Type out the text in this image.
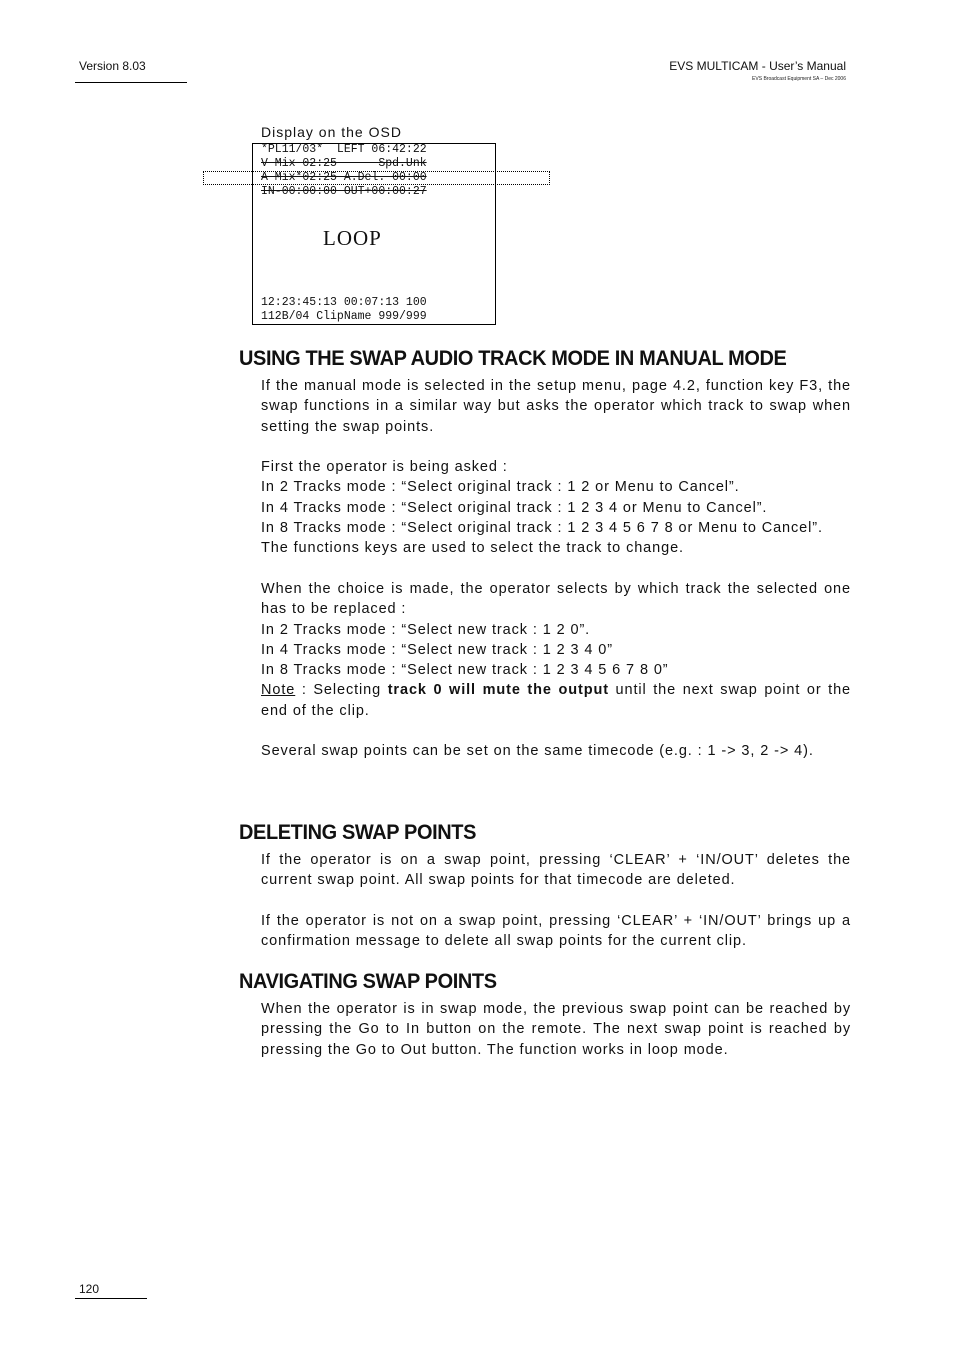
Version 8.03	EVS MULTICAM - User’s Manual
EVS Broadcast Equipment SA – Dec 2006
Display on the OSD
*PL11/03*  LEFT 06:42:22
V Mix 02:25      Spd.Unk
A Mix*02:25 A.Del. 00:00
IN-00:00:00 OUT+00:00:27
LOOP
12:23:45:13 00:07:13 100
112B/04 ClipName 999/999
USING THE SWAP AUDIO TRACK MODE IN MANUAL MODE

If the manual mode is selected in the setup menu, page 4.2, function key F3, the swap functions in a similar way but asks the operator which track to swap when setting the swap points.

First the operator is being asked :

In 2 Tracks mode : “Select original track : 1 2 or Menu to Cancel”.

In 4 Tracks mode : “Select original track : 1 2 3 4 or Menu to Cancel”.

In 8 Tracks mode : “Select original track : 1 2 3 4 5 6 7 8 or Menu to Cancel”.

The functions keys are used to select the track to change.

When the choice is made, the operator selects by which track the selected one has to be replaced :

In 2 Tracks mode : “Select new track : 1 2 0”.

In 4 Tracks mode : “Select new track : 1 2 3 4 0”

In 8 Tracks mode : “Select new track : 1 2 3 4 5 6 7 8 0”

Note : Selecting track 0 will mute the output until the next swap point or the end of the clip.

Several swap points can be set on the same timecode (e.g. : 1 -> 3, 2 -> 4).

DELETING SWAP POINTS

If the operator is on a swap point, pressing ‘CLEAR’ + ‘IN/OUT’ deletes the current swap point. All swap points for that timecode are deleted.

If the operator is not on a swap point, pressing ‘CLEAR’ + ‘IN/OUT’ brings up a confirmation message to delete all swap points for the current clip.

NAVIGATING SWAP POINTS

When the operator is in swap mode, the previous swap point can be reached by pressing the Go to In button on the remote. The next swap point is reached by pressing the Go to Out button. The function works in loop mode.

120
